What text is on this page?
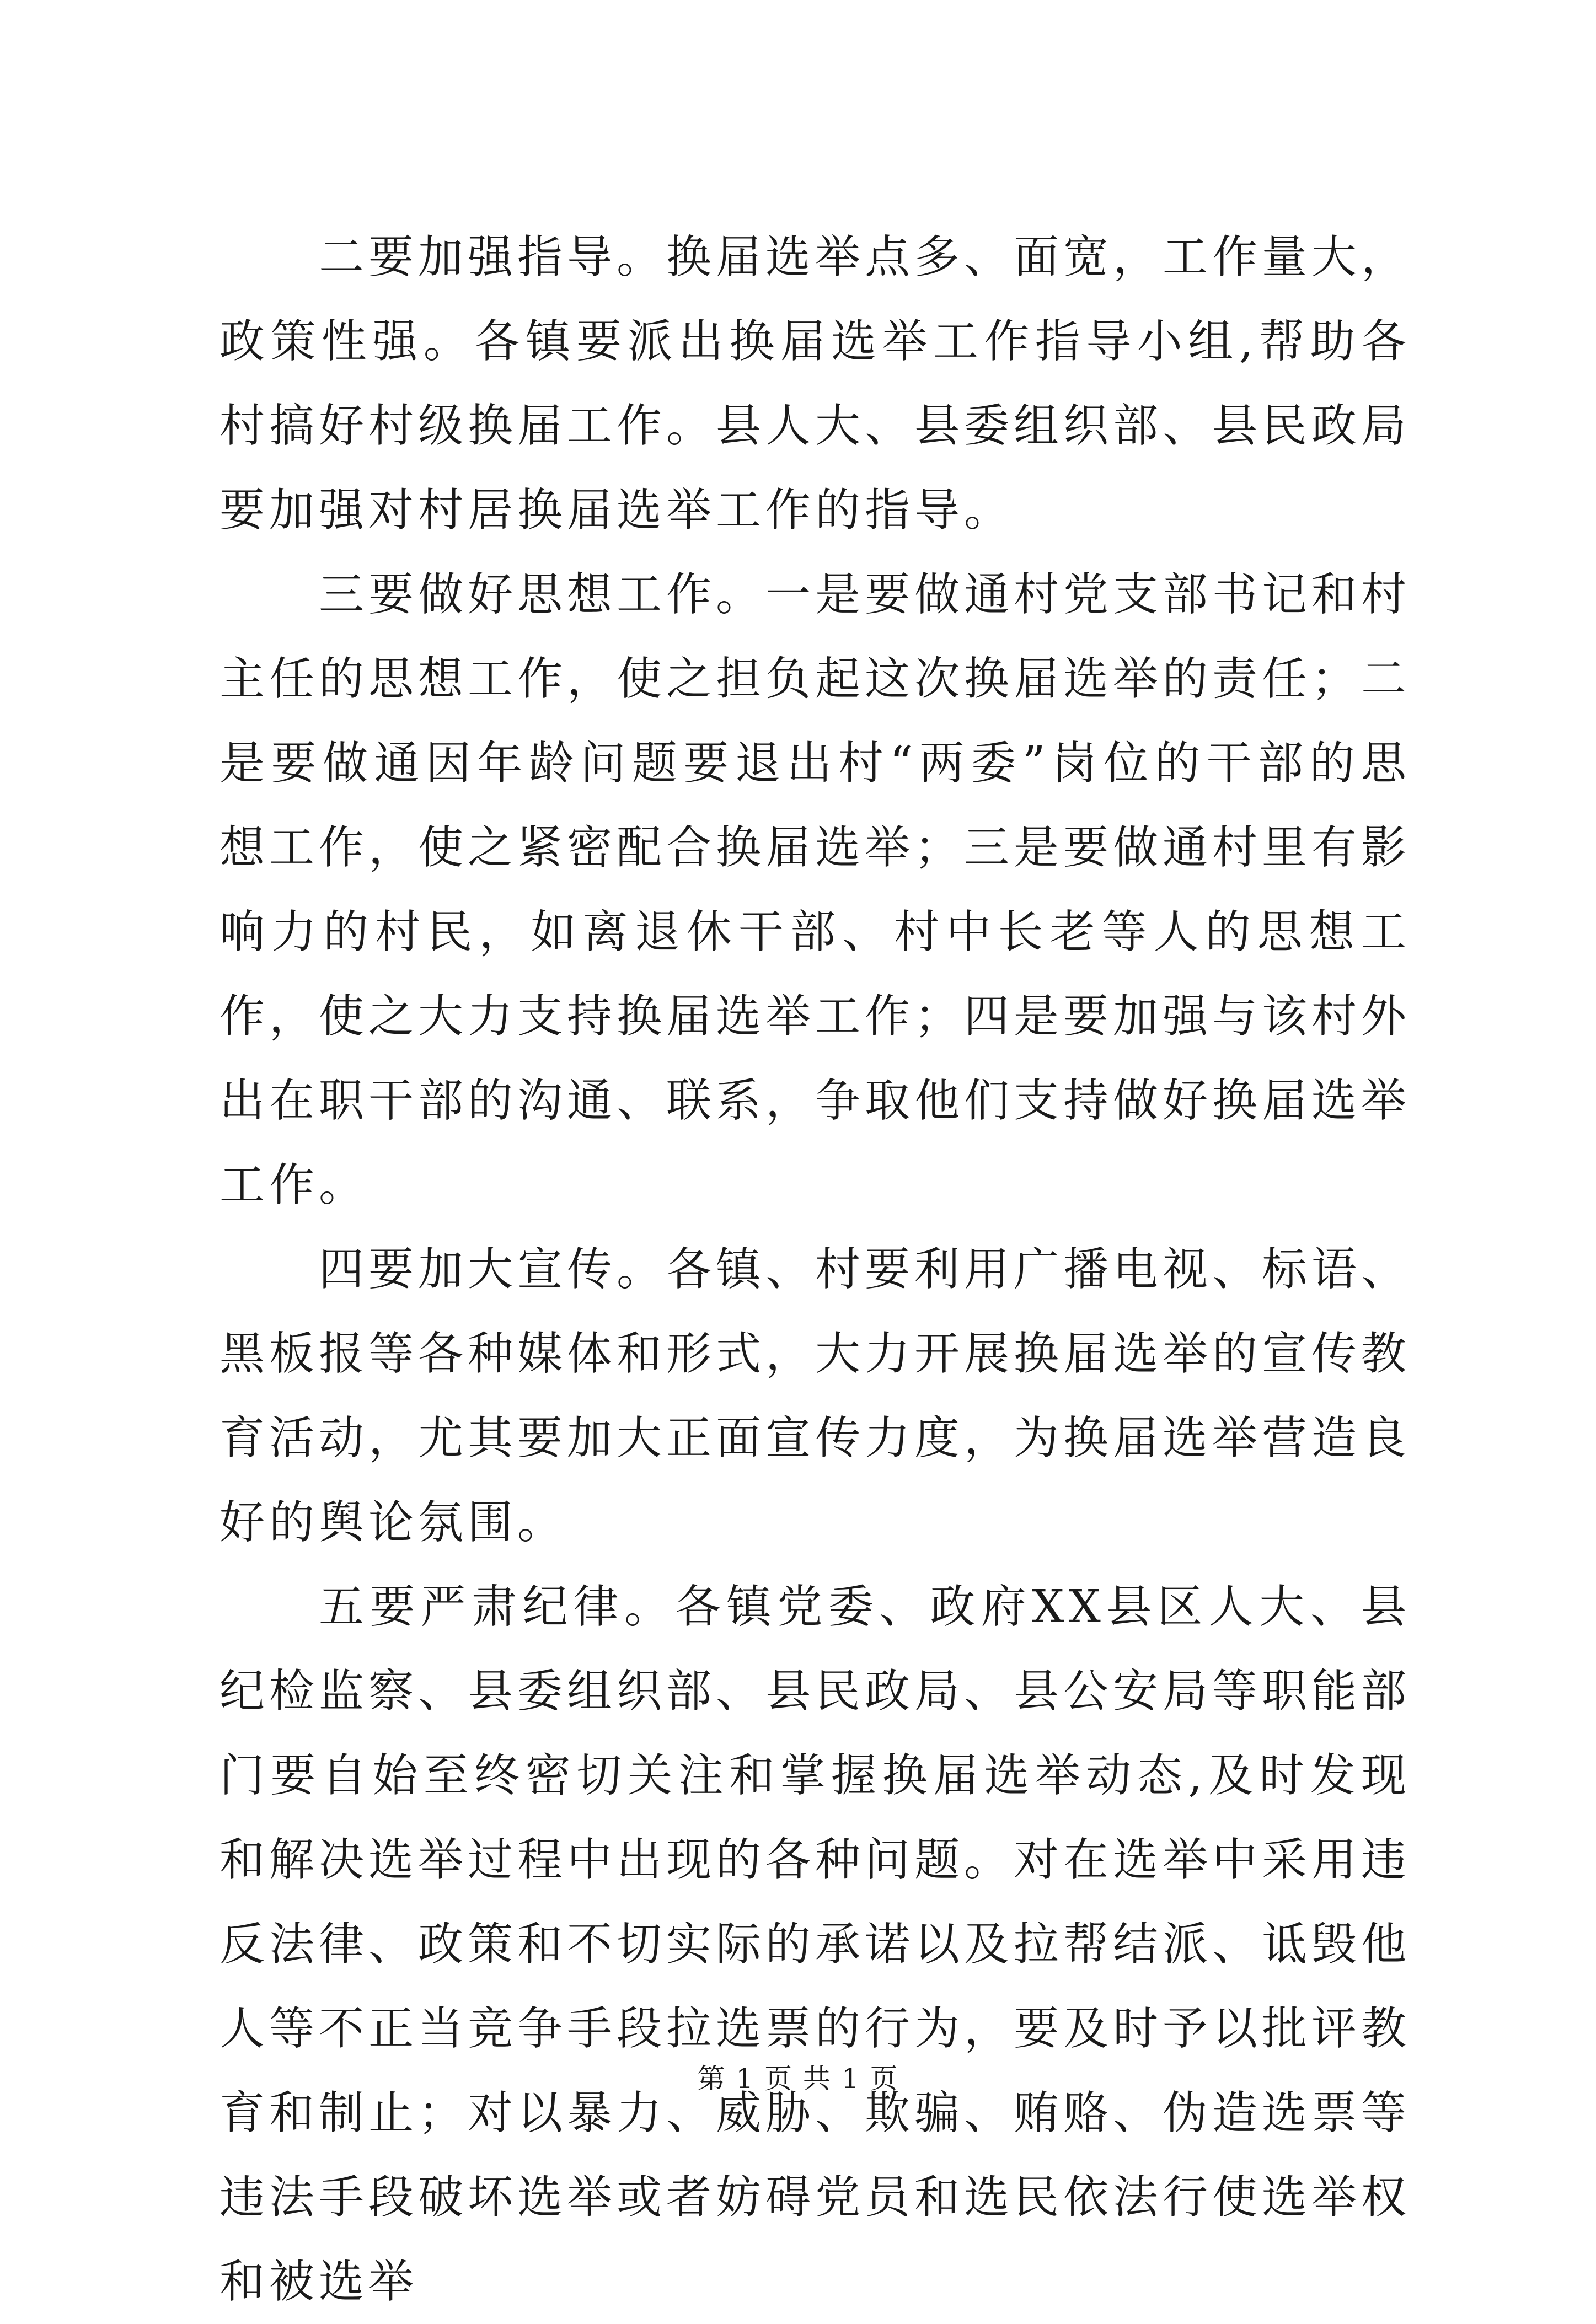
二要加强指导。换届选举点多、面宽，工作量大，政策性强。各镇要派出换届选举工作指导小组,帮助各村搞好村级换届工作。县人大、县委组织部、县民政局要加强对村居换届选举工作的指导。

三要做好思想工作。一是要做通村党支部书记和村主任的思想工作，使之担负起这次换届选举的责任；二是要做通因年龄问题要退出村“两委”岗位的干部的思想工作，使之紧密配合换届选举；三是要做通村里有影响力的村民，如离退休干部、村中长老等人的思想工作，使之大力支持换届选举工作；四是要加强与该村外出在职干部的沟通、联系，争取他们支持做好换届选举工作。

四要加大宣传。各镇、村要利用广播电视、标语、黑板报等各种媒体和形式，大力开展换届选举的宣传教育活动，尤其要加大正面宣传力度，为换届选举营造良好的舆论氛围。

五要严肃纪律。各镇党委、政府XX县区人大、县纪检监察、县委组织部、县民政局、县公安局等职能部门要自始至终密切关注和掌握换届选举动态,及时发现和解决选举过程中出现的各种问题。对在选举中采用违反法律、政策和不切实际的承诺以及拉帮结派、诋毁他人等不正当竞争手段拉选票的行为，要及时予以批评教育和制止；对以暴力、威胁、欺骗、贿赂、伪造选票等违法手段破坏选举或者妨碍党员和选民依法行使选举权和被选举

第 1 页 共 1 页
